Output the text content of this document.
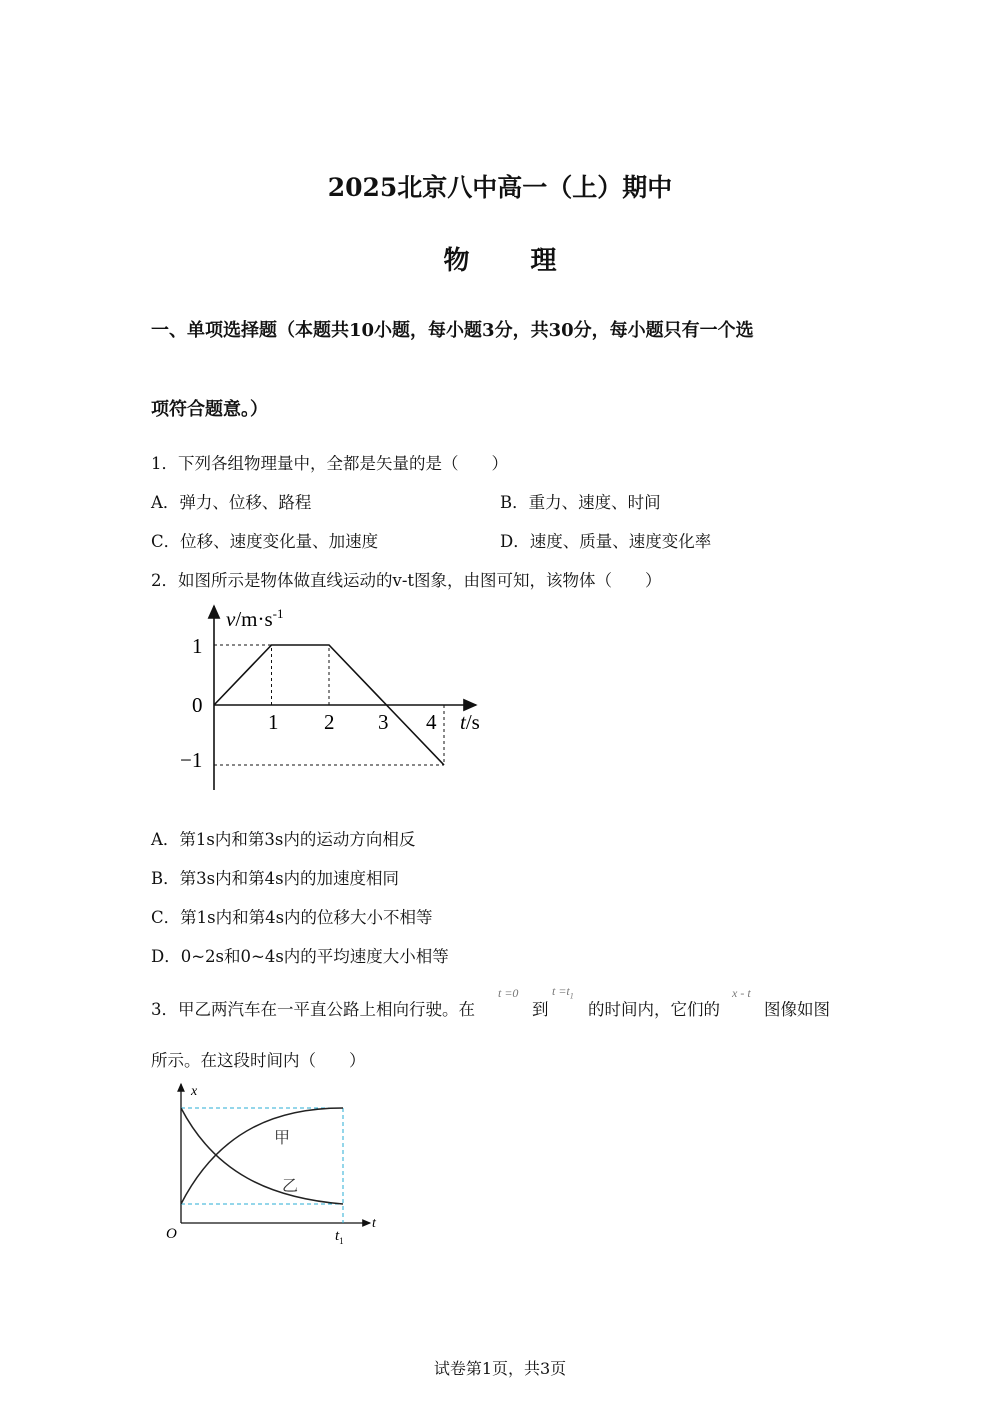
2025北京八中高一（上）期中
物 理
一、单项选择题（本题共10小题，每小题3分，共30分，每小题只有一个选
项符合题意。）
1．下列各组物理量中，全都是矢量的是（　　）
A．弹力、位移、路程	B．重力、速度、时间
C．位移、速度变化量、加速度	D．速度、质量、速度变化率
2．如图所示是物体做直线运动的v-t图象，由图可知，该物体（　　）
$v/m\cdot s^{-1}$
t/s
1
0
−1
1 2 3 4
A．第1s内和第3s内的运动方向相反
B．第3s内和第4s内的加速度相同
C．第1s内和第4s内的位移大小不相等
D．0~2s和0~4s内的平均速度大小相等
3．甲乙两汽车在一平直公路上相向行驶。在
t =0
到
$t =t_1$
的时间内，它们的
x - t
图像如图
所示。在这段时间内（　　）
x
t
O	$t_1$
甲
乙
试卷第1页，共3页
